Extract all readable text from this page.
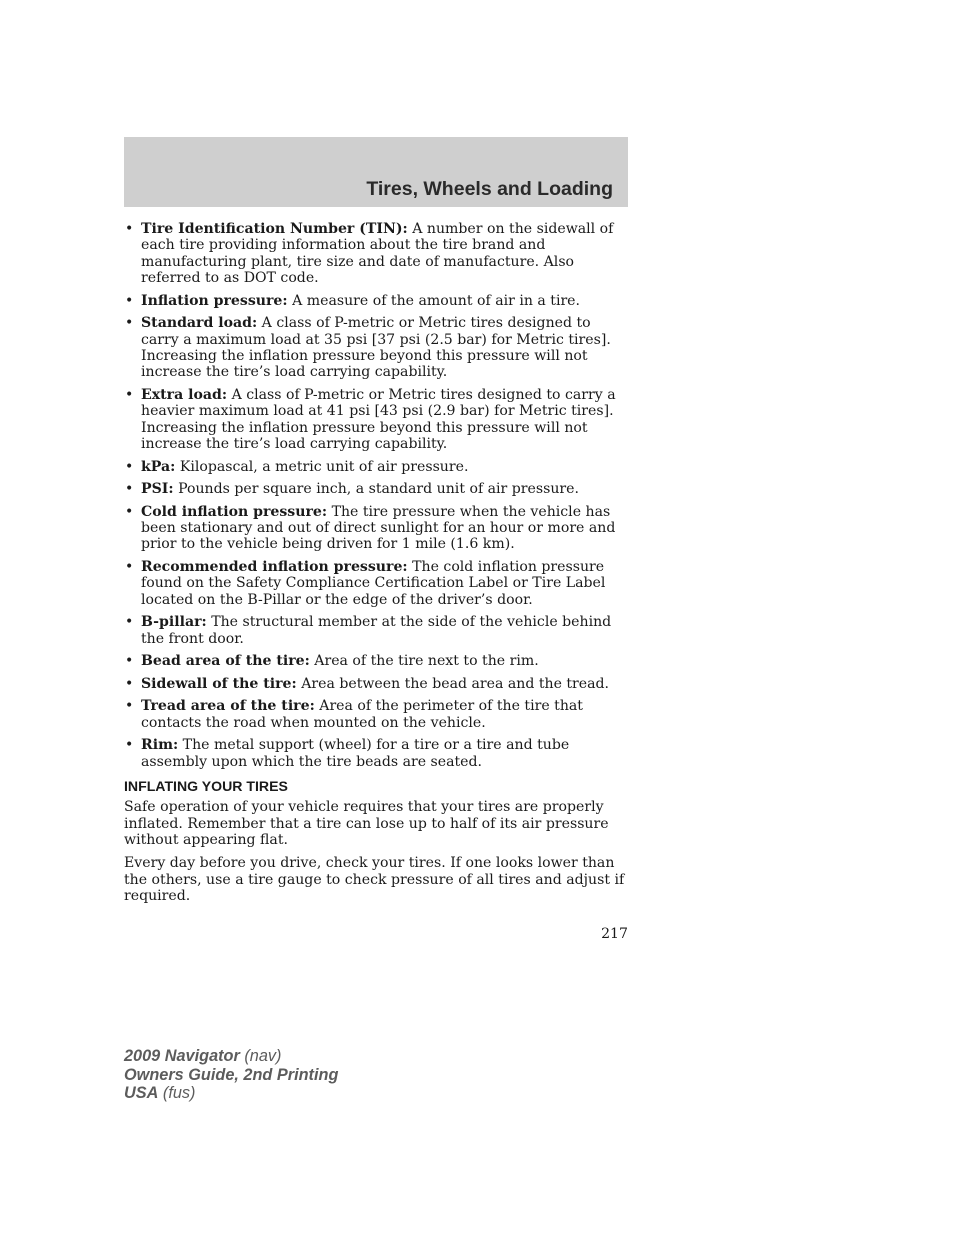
Tires, Wheels and Loading
• Tire Identification Number (TIN): A number on the sidewall of each tire providing information about the tire brand and manufacturing plant, tire size and date of manufacture. Also referred to as DOT code.
• Inflation pressure: A measure of the amount of air in a tire.
• Standard load: A class of P-metric or Metric tires designed to carry a maximum load at 35 psi [37 psi (2.5 bar) for Metric tires]. Increasing the inflation pressure beyond this pressure will not increase the tire’s load carrying capability.
• Extra load: A class of P-metric or Metric tires designed to carry a heavier maximum load at 41 psi [43 psi (2.9 bar) for Metric tires]. Increasing the inflation pressure beyond this pressure will not increase the tire’s load carrying capability.
• kPa: Kilopascal, a metric unit of air pressure.
• PSI: Pounds per square inch, a standard unit of air pressure.
• Cold inflation pressure: The tire pressure when the vehicle has been stationary and out of direct sunlight for an hour or more and prior to the vehicle being driven for 1 mile (1.6 km).
• Recommended inflation pressure: The cold inflation pressure found on the Safety Compliance Certification Label or Tire Label located on the B-Pillar or the edge of the driver’s door.
• B-pillar: The structural member at the side of the vehicle behind the front door.
• Bead area of the tire: Area of the tire next to the rim.
• Sidewall of the tire: Area between the bead area and the tread.
• Tread area of the tire: Area of the perimeter of the tire that contacts the road when mounted on the vehicle.
• Rim: The metal support (wheel) for a tire or a tire and tube assembly upon which the tire beads are seated.
INFLATING YOUR TIRES

Safe operation of your vehicle requires that your tires are properly inflated. Remember that a tire can lose up to half of its air pressure without appearing flat.

Every day before you drive, check your tires. If one looks lower than the others, use a tire gauge to check pressure of all tires and adjust if required.

217
2009 Navigator (nav)
Owners Guide, 2nd Printing
USA (fus)
